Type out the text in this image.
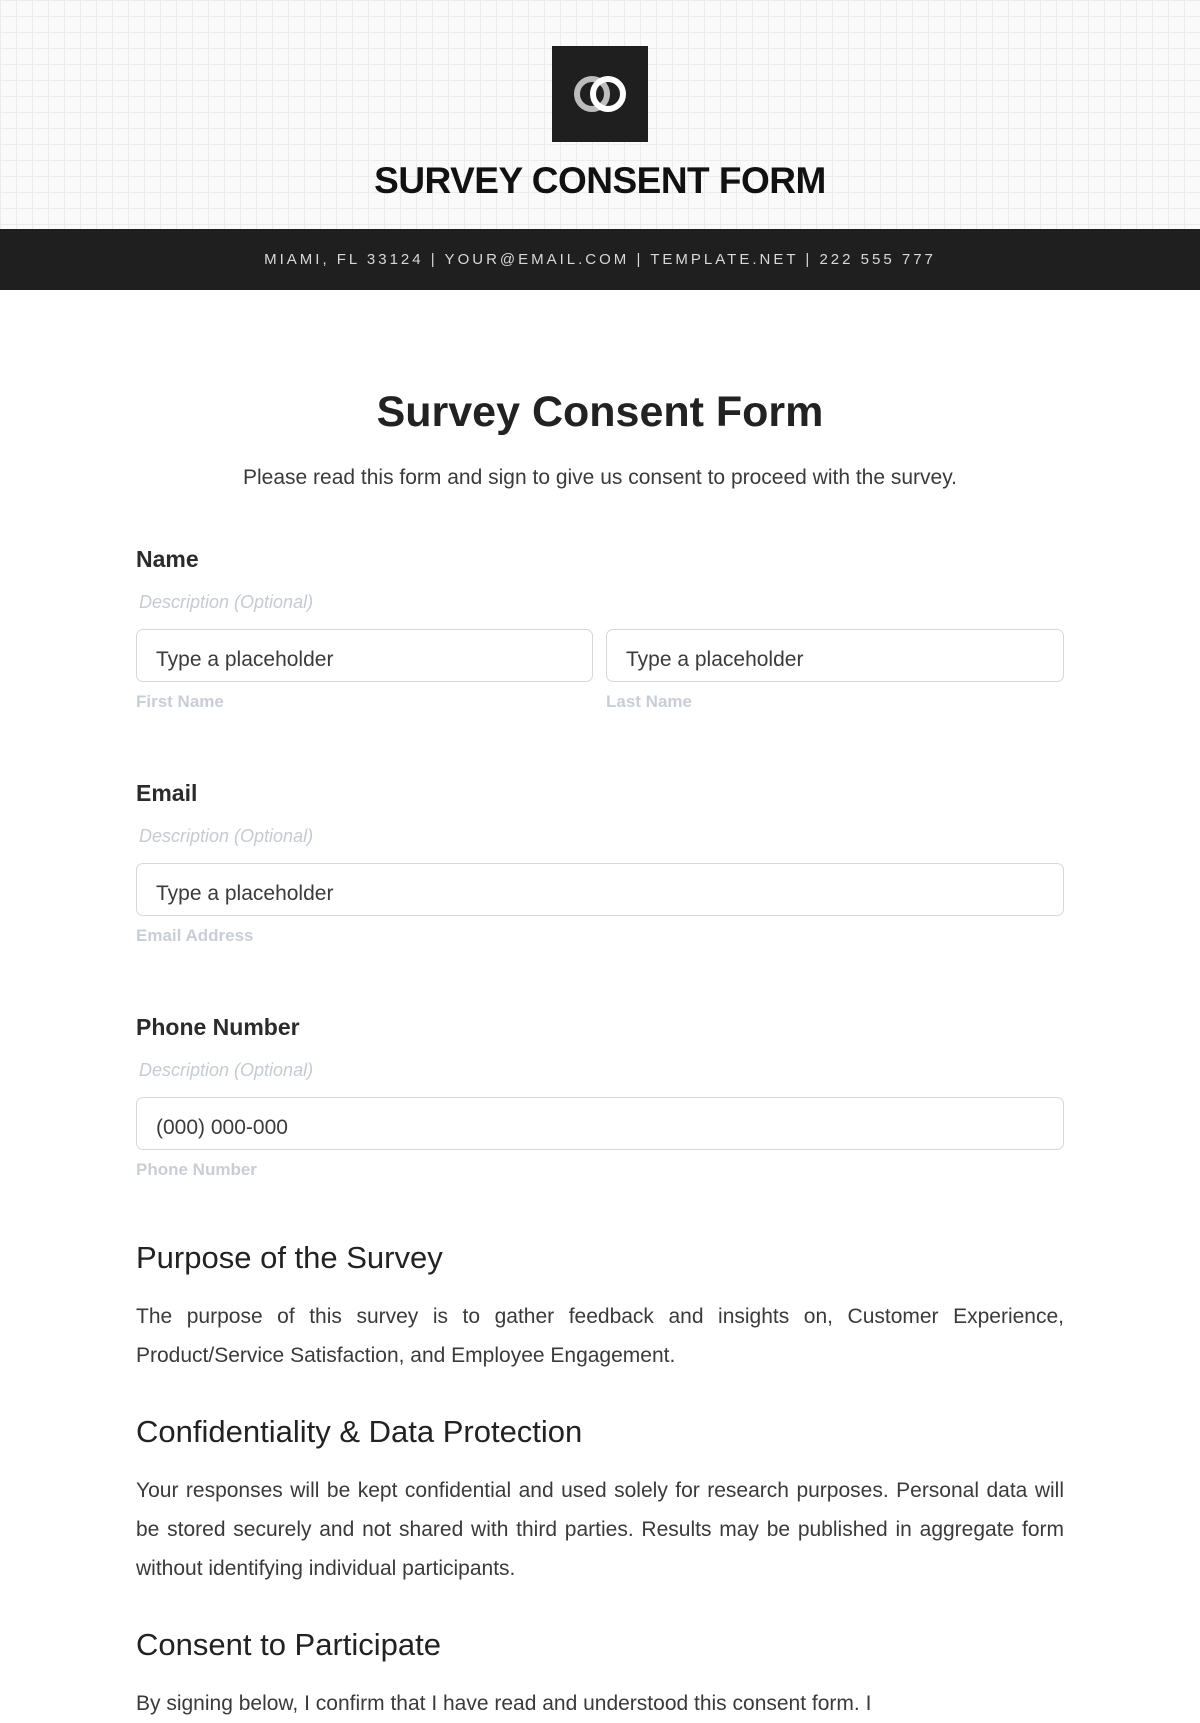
SURVEY CONSENT FORM
MIAMI, FL 33124 | YOUR@EMAIL.COM | TEMPLATE.NET | 222 555 777
Survey Consent Form
Please read this form and sign to give us consent to proceed with the survey.
Name
Description (Optional)
Type a placeholder
First Name
Type a placeholder
Last Name
Email
Description (Optional)
Type a placeholder
Email Address
Phone Number
Description (Optional)
(000) 000-000
Phone Number
Purpose of the Survey
The purpose of this survey is to gather feedback and insights on, Customer Experience, Product/Service Satisfaction, and Employee Engagement.
Confidentiality & Data Protection
Your responses will be kept confidential and used solely for research purposes. Personal data will be stored securely and not shared with third parties. Results may be published in aggregate form without identifying individual participants.
Consent to Participate
By signing below, I confirm that I have read and understood this consent form. I
